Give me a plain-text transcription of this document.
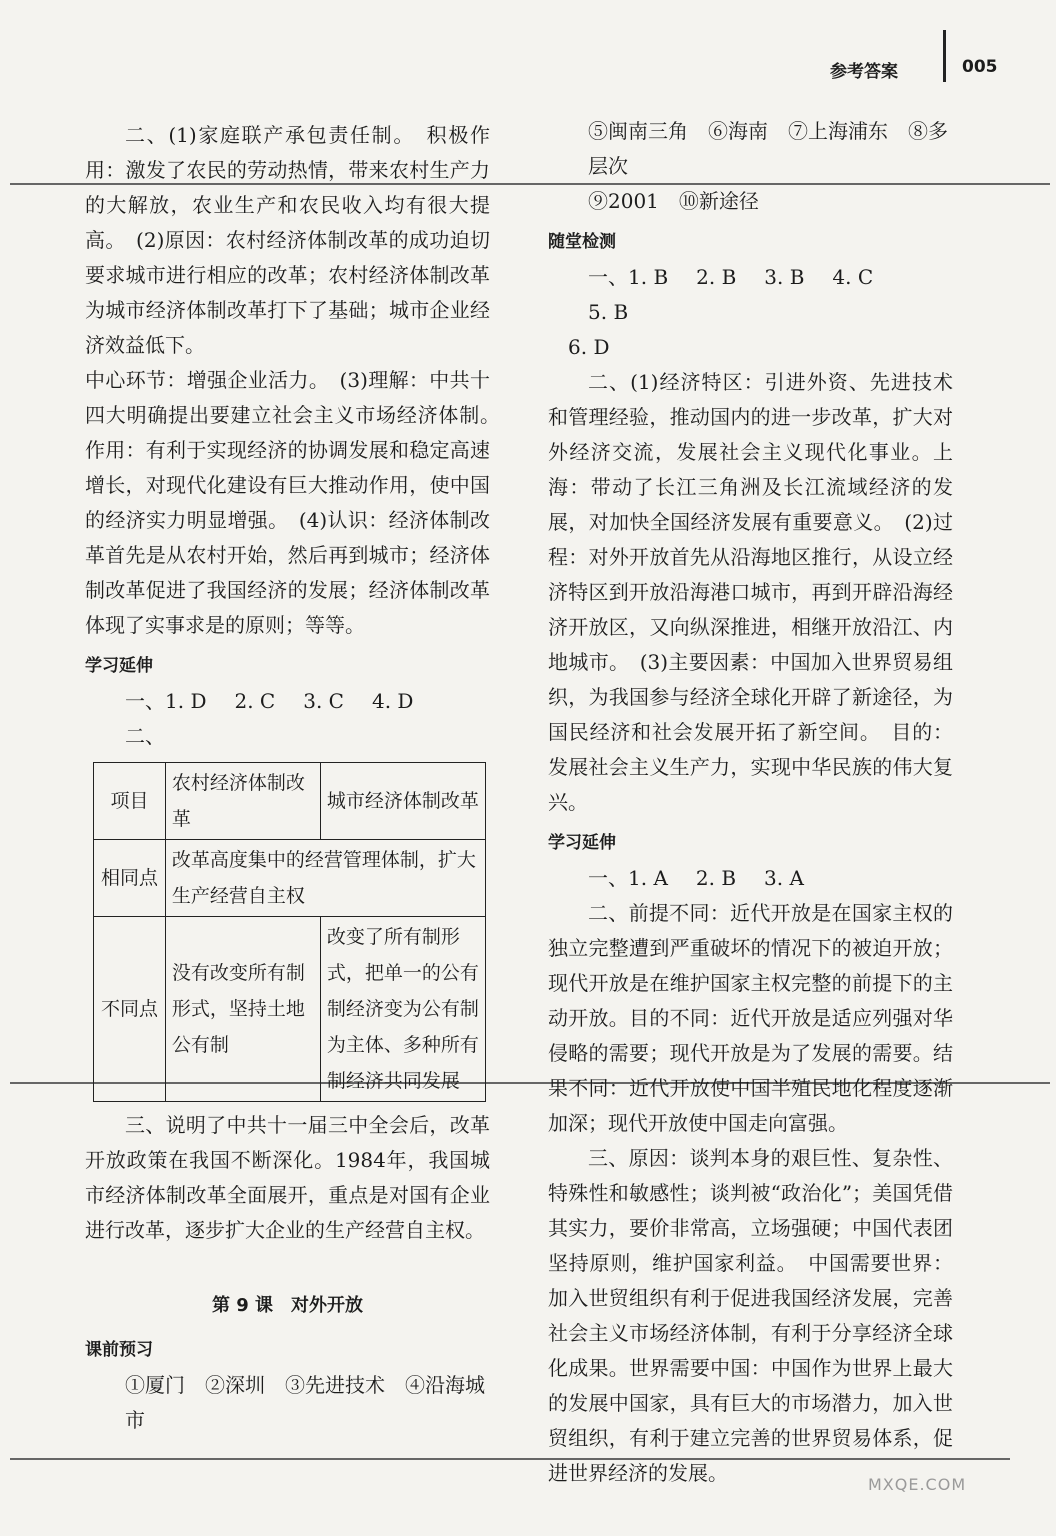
参考答案	005

二、(1)家庭联产承包责任制。　积极作用：激发了农民的劳动热情，带来农村生产力的大解放，农业生产和农民收入均有很大提高。　(2)原因：农村经济体制改革的成功迫切要求城市进行相应的改革；农村经济体制改革为城市经济体制改革打下了基础；城市企业经济效益低下。

中心环节：增强企业活力。　(3)理解：中共十四大明确提出要建立社会主义市场经济体制。　作用：有利于实现经济的协调发展和稳定高速增长，对现代化建设有巨大推动作用，使中国的经济实力明显增强。　(4)认识：经济体制改革首先是从农村开始，然后再到城市；经济体制改革促进了我国经济的发展；经济体制改革体现了实事求是的原则；等等。

学习延伸

一、1. D 2. C 3. C 4. D

二、

项目	农村经济体制改革	城市经济体制改革
相同点	改革高度集中的经营管理体制，扩大生产经营自主权	
不同点	没有改变所有制形式，坚持土地公有制	改变了所有制形式，把单一的公有制经济变为公有制为主体、多种所有制经济共同发展

三、说明了中共十一届三中全会后，改革开放政策在我国不断深化。1984年，我国城市经济体制改革全面展开，重点是对国有企业进行改革，逐步扩大企业的生产经营自主权。

第 9 课　对外开放

课前预习

①厦门　②深圳　③先进技术　④沿海城市

⑤闽南三角　⑥海南　⑦上海浦东　⑧多层次

⑨2001　⑩新途径

随堂检测

一、1. B 2. B 3. B 4. C5. B

6. D

二、(1)经济特区：引进外资、先进技术和管理经验，推动国内的进一步改革，扩大对外经济交流，发展社会主义现代化事业。上海：带动了长江三角洲及长江流域经济的发展，对加快全国经济发展有重要意义。　(2)过程：对外开放首先从沿海地区推行，从设立经济特区到开放沿海港口城市，再到开辟沿海经济开放区，又向纵深推进，相继开放沿江、内地城市。　(3)主要因素：中国加入世界贸易组织，为我国参与经济全球化开辟了新途径，为国民经济和社会发展开拓了新空间。　目的：发展社会主义生产力，实现中华民族的伟大复兴。

学习延伸

一、1. A 2. B 3. A

二、前提不同：近代开放是在国家主权的独立完整遭到严重破坏的情况下的被迫开放；现代开放是在维护国家主权完整的前提下的主动开放。目的不同：近代开放是适应列强对华侵略的需要；现代开放是为了发展的需要。结果不同：近代开放使中国半殖民地化程度逐渐加深；现代开放使中国走向富强。

三、原因：谈判本身的艰巨性、复杂性、特殊性和敏感性；谈判被“政治化”；美国凭借其实力，要价非常高，立场强硬；中国代表团坚持原则，维护国家利益。　中国需要世界：加入世贸组织有利于促进我国经济发展，完善社会主义市场经济体制，有利于分享经济全球化成果。世界需要中国：中国作为世界上最大的发展中国家，具有巨大的市场潜力，加入世贸组织，有利于建立完善的世界贸易体系，促进世界经济的发展。	MXQE.COM
